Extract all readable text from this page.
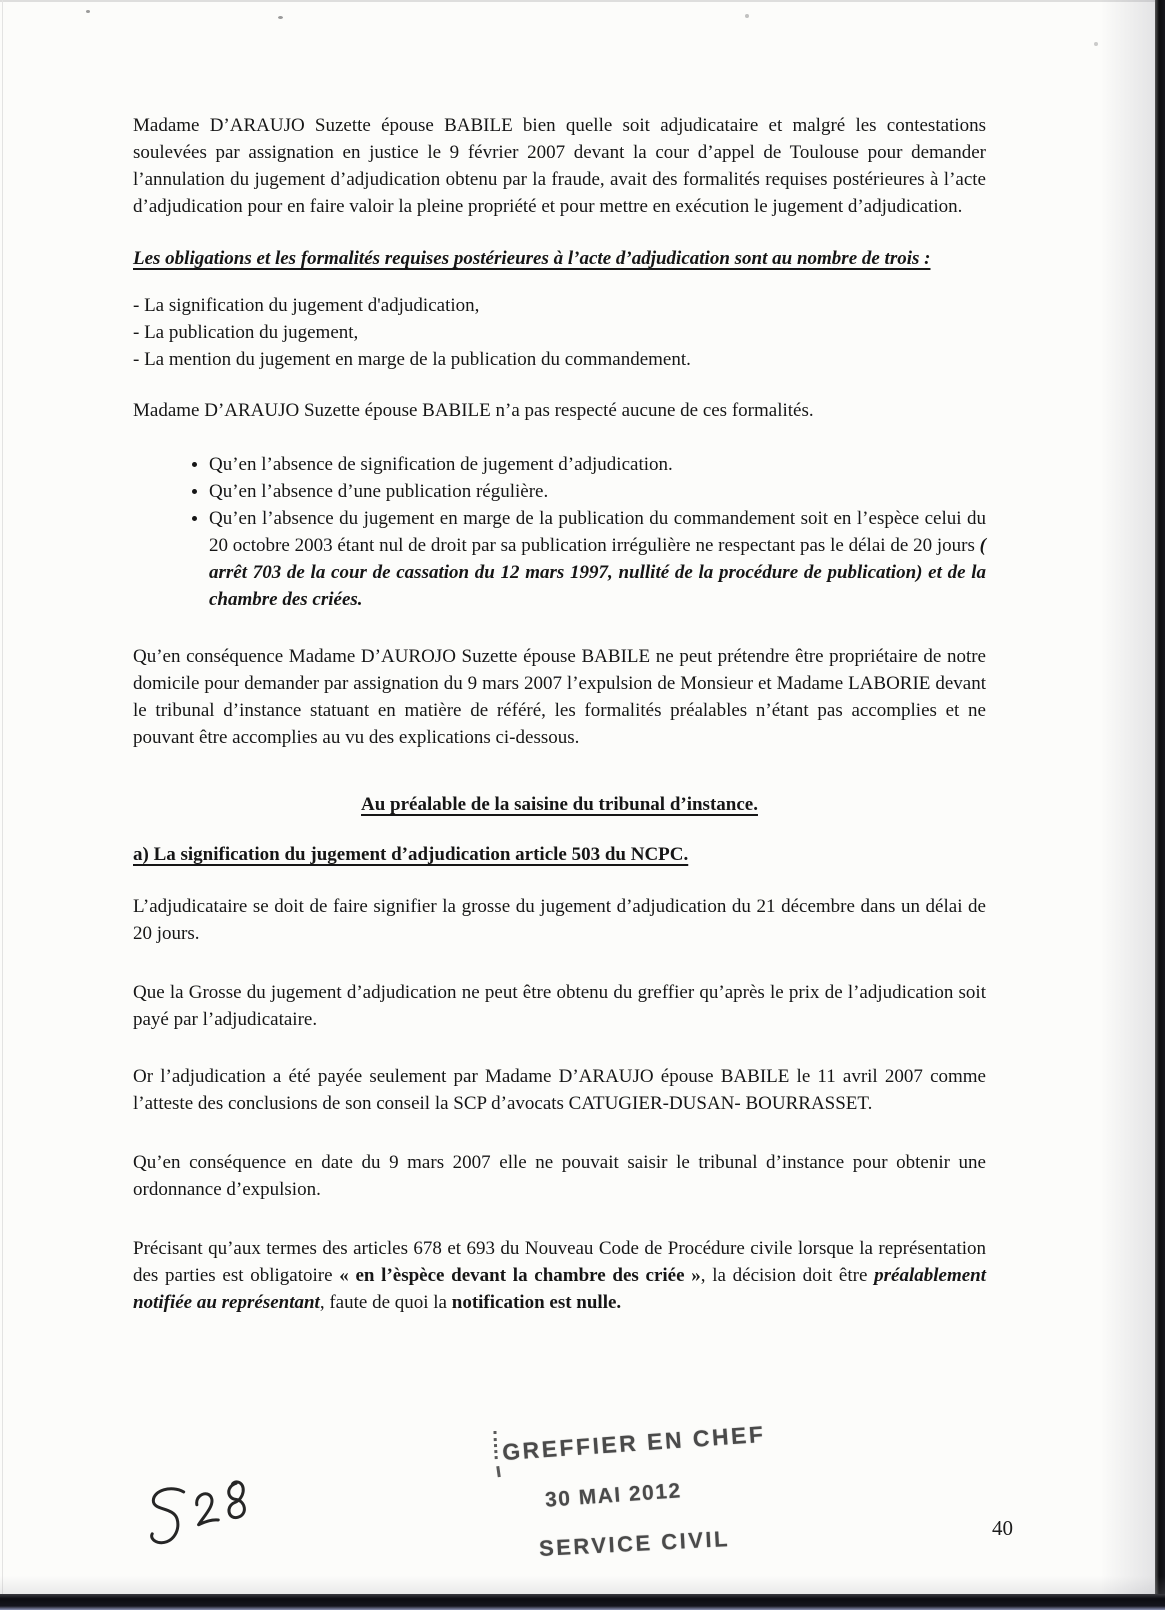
Madame D’ARAUJO Suzette épouse BABILE bien quelle soit adjudicataire et malgré les contestations soulevées par assignation en justice le 9 février 2007 devant la cour d’appel de Toulouse pour demander l’annulation du jugement d’adjudication obtenu par la fraude, avait des formalités requises postérieures à l’acte d’adjudication pour en faire valoir la pleine propriété et pour mettre en exécution le jugement d’adjudication.

Les obligations et les formalités requises postérieures à l’acte d’adjudication sont au nombre de trois :

- La signification du jugement d'adjudication,
- La publication du jugement,
- La mention du jugement en marge de la publication du commandement.

Madame D’ARAUJO Suzette épouse BABILE n’a pas respecté aucune de ces formalités.

• Qu’en l’absence de signification de jugement d’adjudication.
• Qu’en l’absence d’une publication régulière.
• Qu’en l’absence du jugement en marge de la publication du commandement soit en l’espèce celui du 20 octobre 2003 étant nul de droit par sa publication irrégulière ne respectant pas le délai de 20 jours ( arrêt 703 de la cour de cassation du 12 mars 1997, nullité de la procédure de publication) et de la chambre des criées.

Qu’en conséquence Madame D’AUROJO Suzette épouse BABILE ne peut prétendre être propriétaire de notre domicile pour demander par assignation du 9 mars 2007 l’expulsion de Monsieur et Madame LABORIE devant le tribunal d’instance statuant en matière de référé, les formalités préalables n’étant pas accomplies et ne pouvant être accomplies au vu des explications ci-dessous.

Au préalable de la saisine du tribunal d’instance.

a) La signification du jugement d’adjudication article 503 du NCPC.

L’adjudicataire se doit de faire signifier la grosse du jugement d’adjudication du 21 décembre dans un délai de 20 jours.

Que la Grosse du jugement d’adjudication ne peut être obtenu du greffier qu’après le prix de l’adjudication soit payé par l’adjudicataire.

Or l’adjudication a été payée seulement par Madame D’ARAUJO épouse BABILE le 11 avril 2007 comme l’atteste des conclusions de son conseil la SCP d’avocats CATUGIER-DUSAN- BOURRASSET.

Qu’en conséquence en date du 9 mars 2007 elle ne pouvait saisir le tribunal d’instance pour obtenir une ordonnance d’expulsion.

Précisant qu’aux termes des articles 678 et 693 du Nouveau Code de Procédure civile lorsque la représentation des parties est obligatoire « en l’èspèce devant la chambre des criée », la décision doit être préalablement notifiée au représentant, faute de quoi la notification est nulle.

GREFFIER EN CHEF
30 MAI 2012
SERVICE CIVIL	40
